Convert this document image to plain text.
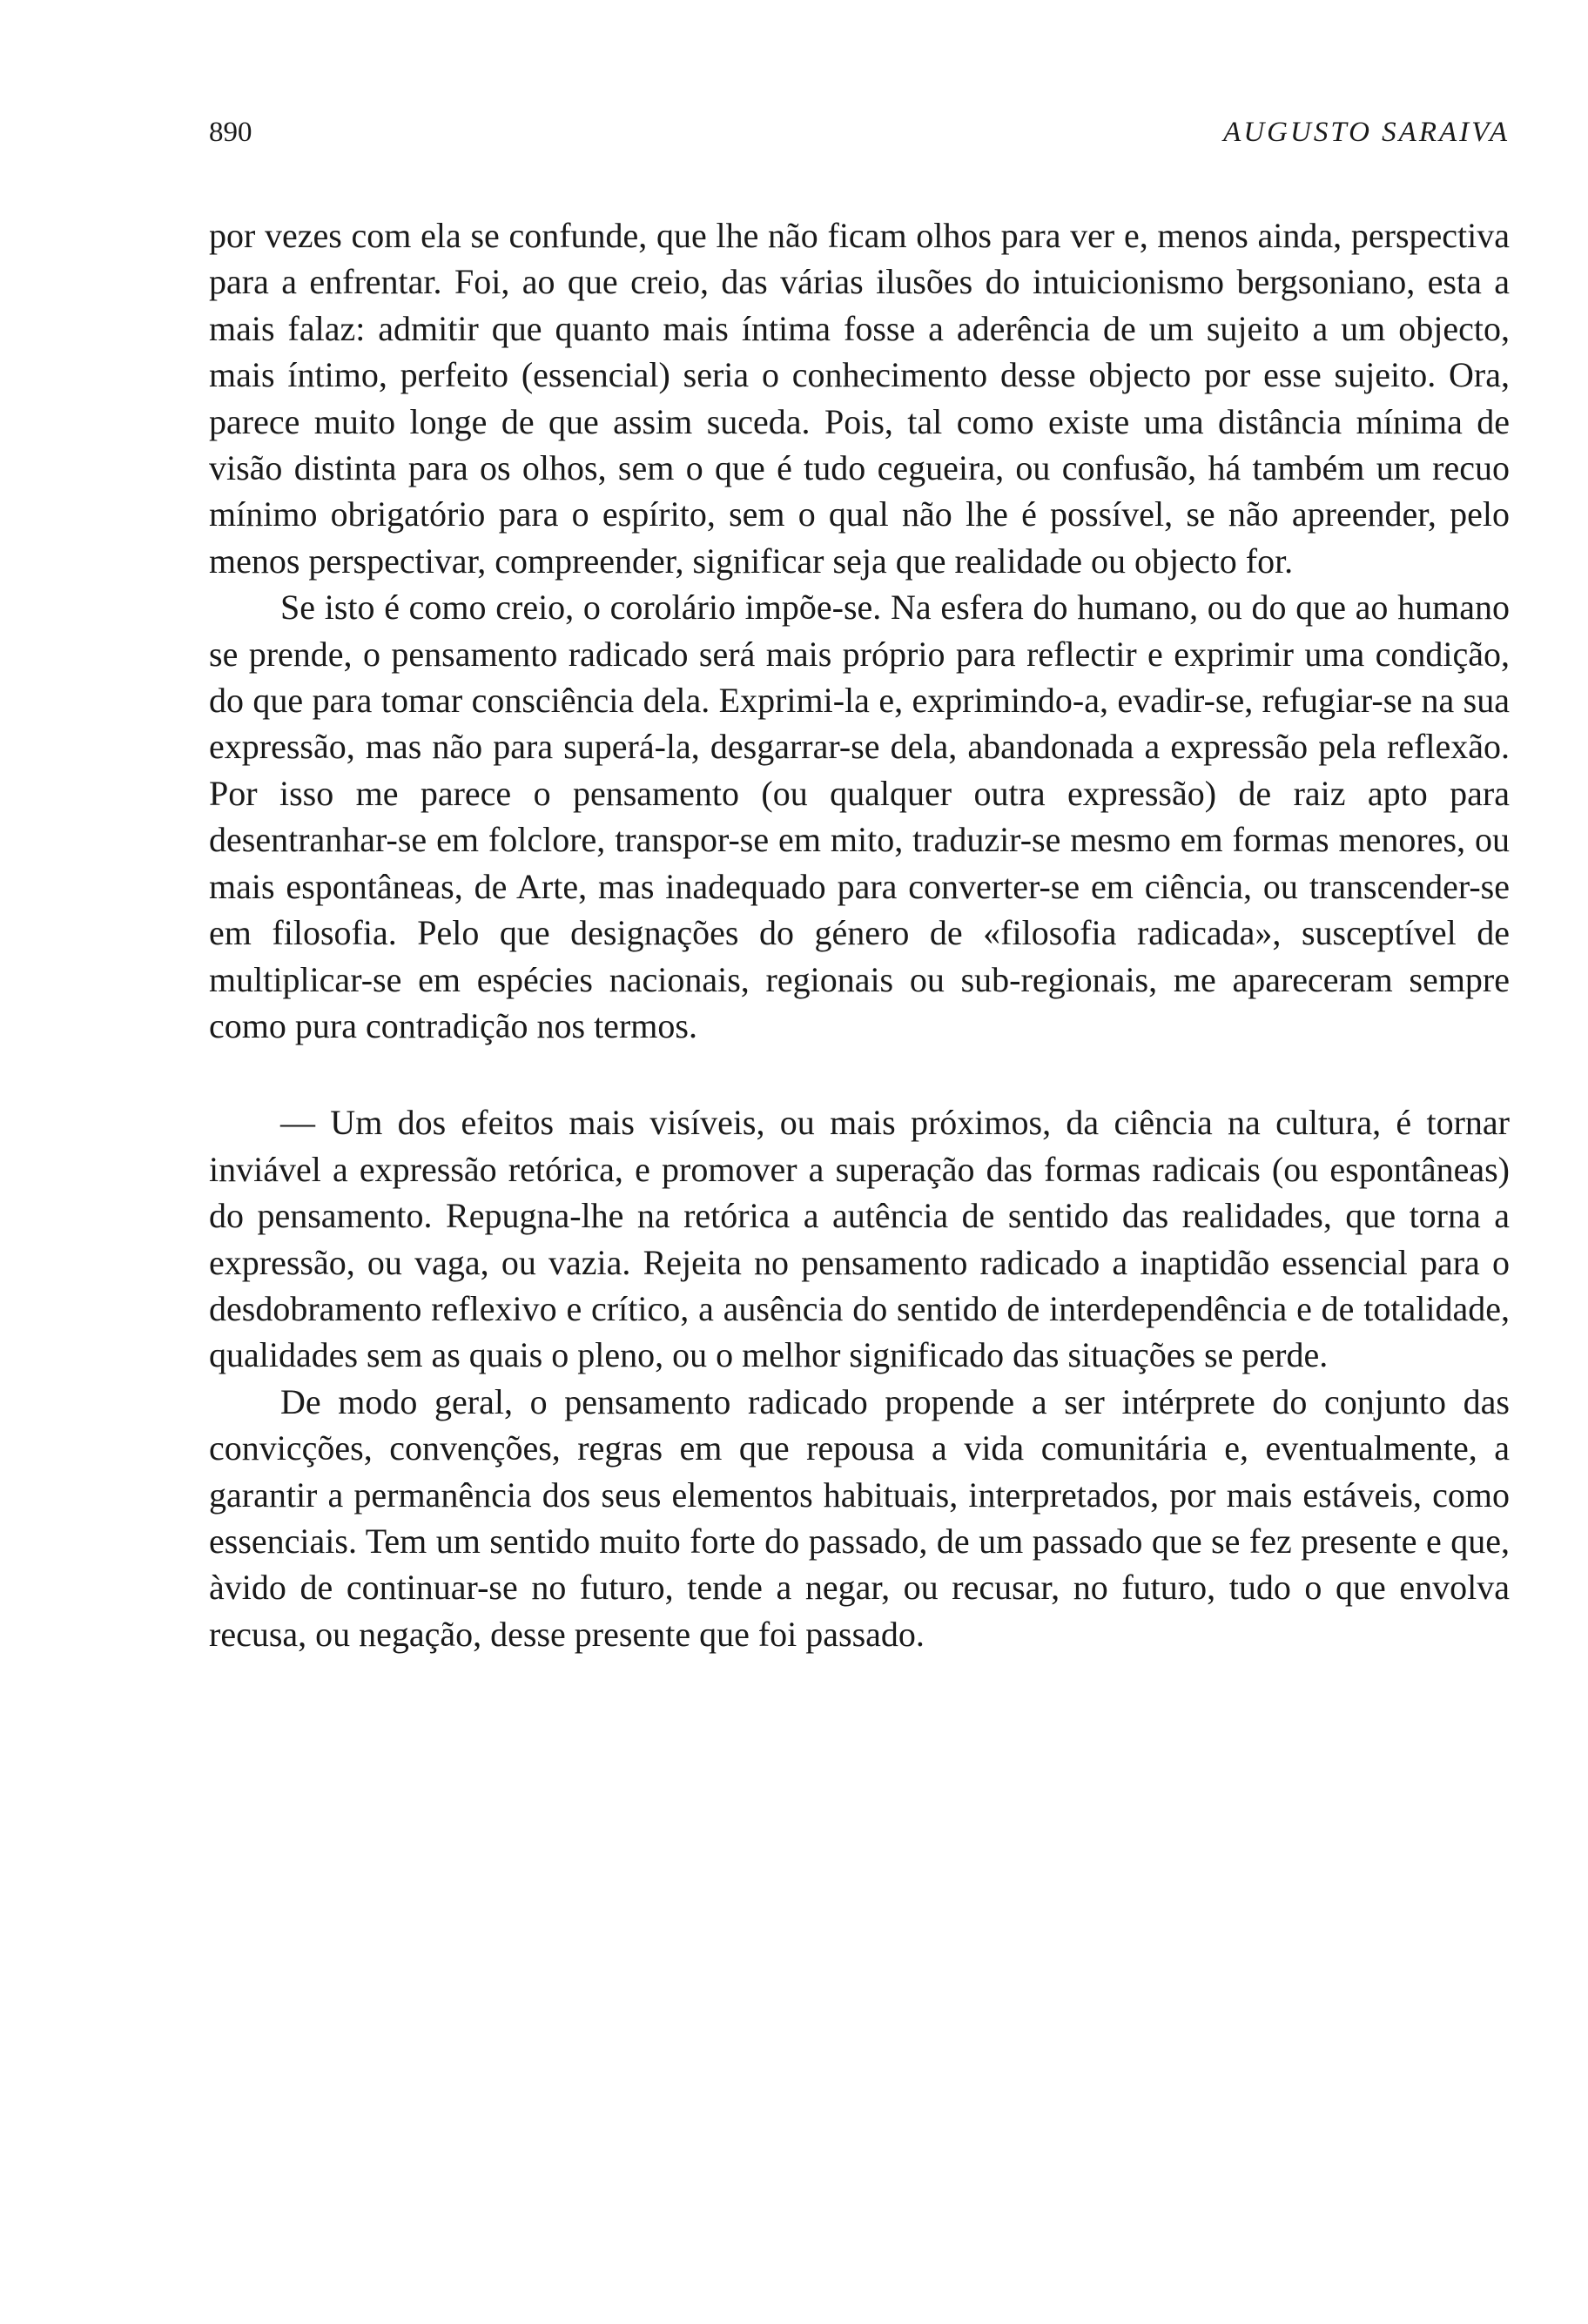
890	AUGUSTO SARAIVA

por vezes com ela se confunde, que lhe não ficam olhos para ver e, menos ainda, perspectiva para a enfrentar. Foi, ao que creio, das várias ilusões do intuicionismo bergsoniano, esta a mais falaz: admitir que quanto mais íntima fosse a aderência de um sujeito a um objecto, mais íntimo, perfeito (essencial) seria o conhecimento desse objecto por esse sujeito. Ora, parece muito longe de que assim suceda. Pois, tal como existe uma distância mínima de visão distinta para os olhos, sem o que é tudo cegueira, ou confusão, há também um recuo mínimo obrigatório para o espírito, sem o qual não lhe é possível, se não apreender, pelo menos perspectivar, compreender, significar seja que realidade ou objecto for.

Se isto é como creio, o corolário impõe-se. Na esfera do humano, ou do que ao humano se prende, o pensamento radicado será mais próprio para reflectir e exprimir uma condição, do que para tomar consciência dela. Exprimi-la e, exprimindo-a, evadir-se, refugiar-se na sua expressão, mas não para superá-la, desgarrar-se dela, abandonada a expressão pela reflexão. Por isso me parece o pensamento (ou qualquer outra expressão) de raiz apto para desentranhar-se em folclore, transpor-se em mito, traduzir-se mesmo em formas menores, ou mais espontâneas, de Arte, mas inadequado para converter-se em ciência, ou transcender-se em filosofia. Pelo que designações do género de «filosofia radicada», susceptível de multiplicar-se em espécies nacionais, regionais ou sub-regionais, me apareceram sempre como pura contradição nos termos.

— Um dos efeitos mais visíveis, ou mais próximos, da ciência na cultura, é tornar inviável a expressão retórica, e promover a superação das formas radicais (ou espontâneas) do pensamento. Repugna-lhe na retórica a autência de sentido das realidades, que torna a expressão, ou vaga, ou vazia. Rejeita no pensamento radicado a inaptidão essencial para o desdobramento reflexivo e crítico, a ausência do sentido de interdependência e de totalidade, qualidades sem as quais o pleno, ou o melhor significado das situações se perde.

De modo geral, o pensamento radicado propende a ser intérprete do conjunto das convicções, convenções, regras em que repousa a vida comunitária e, eventualmente, a garantir a permanência dos seus elementos habituais, interpretados, por mais estáveis, como essenciais. Tem um sentido muito forte do passado, de um passado que se fez presente e que, àvido de continuar-se no futuro, tende a negar, ou recusar, no futuro, tudo o que envolva recusa, ou negação, desse presente que foi passado.
